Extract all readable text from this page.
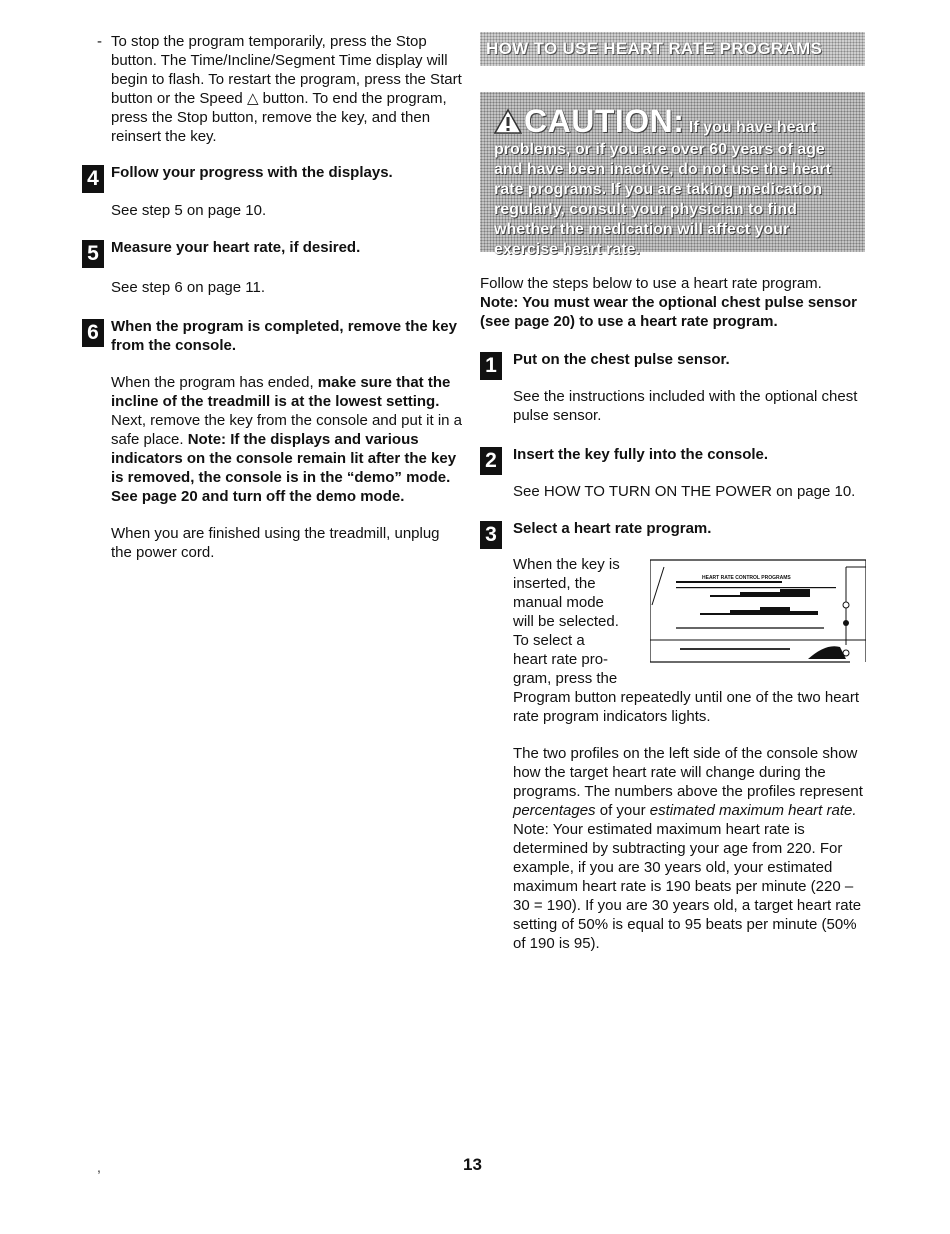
- To stop the program temporarily, press the Stop button. The Time/Incline/Segment Time display will begin to flash. To restart the program, press the Start button or the Speed △ button. To end the program, press the Stop button, remove the key, and then reinsert the key.

4 Follow your progress with the displays.

See step 5 on page 10.

5 Measure your heart rate, if desired.

See step 6 on page 11.

6 When the program is completed, remove the key from the console.

When the program has ended, make sure that the incline of the treadmill is at the lowest setting. Next, remove the key from the console and put it in a safe place. Note: If the displays and various indicators on the console remain lit after the key is removed, the console is in the “demo” mode. See page 20 and turn off the demo mode.

When you are finished using the treadmill, unplug the power cord.

HOW TO USE HEART RATE PROGRAMS
CAUTION: If you have heart problems, or if you are over 60 years of age and have been inactive, do not use the heart rate programs. If you are taking medication regularly, consult your physician to find whether the medication will affect your exercise heart rate.

Follow the steps below to use a heart rate program.

Note: You must wear the optional chest pulse sensor (see page 20) to use a heart rate program.

1	Put on the chest pulse sensor.

See the instructions included with the optional chest pulse sensor.

2	Insert the key fully into the console.

See HOW TO TURN ON THE POWER on page 10.

3	Select a heart rate program.

When the key is
inserted, the
manual mode
will be selected.
To select a
heart rate pro-
gram, press the
HEART RATE CONTROL PROGRAMS

Program button repeatedly until one of the two heart rate program indicators lights.

The two profiles on the left side of the console show how the target heart rate will change during the programs. The numbers above the profiles represent percentages of your estimated maximum heart rate. Note: Your estimated maximum heart rate is determined by subtracting your age from 220. For example, if you are 30 years old, your estimated maximum heart rate is 190 beats per minute (220 – 30 = 190). If you are 30 years old, a target heart rate setting of 50% is equal to 95 beats per minute (50% of 190 is 95).

13
,
